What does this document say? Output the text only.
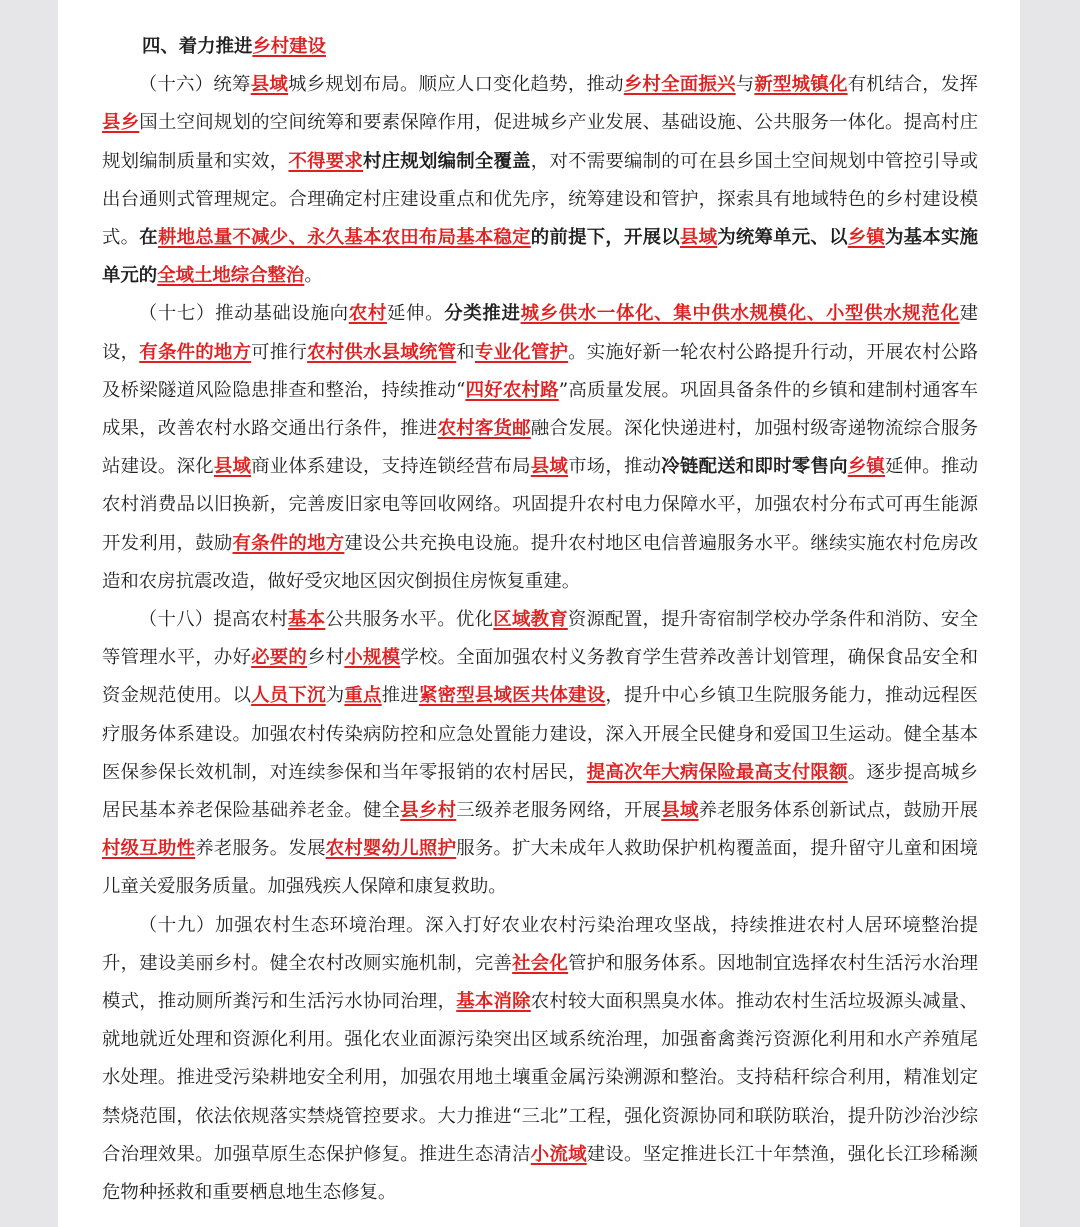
四、着力推进乡村建设

（十六）统筹县域城乡规划布局。顺应人口变化趋势，推动乡村全面振兴与新型城镇化有机结合，发挥县乡国土空间规划的空间统筹和要素保障作用，促进城乡产业发展、基础设施、公共服务一体化。提高村庄规划编制质量和实效，不得要求村庄规划编制全覆盖，对不需要编制的可在县乡国土空间规划中管控引导或出台通则式管理规定。合理确定村庄建设重点和优先序，统筹建设和管护，探索具有地域特色的乡村建设模式。在耕地总量不减少、永久基本农田布局基本稳定的前提下，开展以县域为统筹单元、以乡镇为基本实施单元的全域土地综合整治。

（十七）推动基础设施向农村延伸。分类推进城乡供水一体化、集中供水规模化、小型供水规范化建设，有条件的地方可推行农村供水县域统管和专业化管护。实施好新一轮农村公路提升行动，开展农村公路及桥梁隧道风险隐患排查和整治，持续推动“四好农村路”高质量发展。巩固具备条件的乡镇和建制村通客车成果，改善农村水路交通出行条件，推进农村客货邮融合发展。深化快递进村，加强村级寄递物流综合服务站建设。深化县域商业体系建设，支持连锁经营布局县域市场，推动冷链配送和即时零售向乡镇延伸。推动农村消费品以旧换新，完善废旧家电等回收网络。巩固提升农村电力保障水平，加强农村分布式可再生能源开发利用，鼓励有条件的地方建设公共充换电设施。提升农村地区电信普遍服务水平。继续实施农村危房改造和农房抗震改造，做好受灾地区因灾倒损住房恢复重建。

（十八）提高农村基本公共服务水平。优化区域教育资源配置，提升寄宿制学校办学条件和消防、安全等管理水平，办好必要的乡村小规模学校。全面加强农村义务教育学生营养改善计划管理，确保食品安全和资金规范使用。以人员下沉为重点推进紧密型县域医共体建设，提升中心乡镇卫生院服务能力，推动远程医疗服务体系建设。加强农村传染病防控和应急处置能力建设，深入开展全民健身和爱国卫生运动。健全基本医保参保长效机制，对连续参保和当年零报销的农村居民，提高次年大病保险最高支付限额。逐步提高城乡居民基本养老保险基础养老金。健全县乡村三级养老服务网络，开展县域养老服务体系创新试点，鼓励开展村级互助性养老服务。发展农村婴幼儿照护服务。扩大未成年人救助保护机构覆盖面，提升留守儿童和困境儿童关爱服务质量。加强残疾人保障和康复救助。

（十九）加强农村生态环境治理。深入打好农业农村污染治理攻坚战，持续推进农村人居环境整治提升，建设美丽乡村。健全农村改厕实施机制，完善社会化管护和服务体系。因地制宜选择农村生活污水治理模式，推动厕所粪污和生活污水协同治理，基本消除农村较大面积黑臭水体。推动农村生活垃圾源头减量、就地就近处理和资源化利用。强化农业面源污染突出区域系统治理，加强畜禽粪污资源化利用和水产养殖尾水处理。推进受污染耕地安全利用，加强农用地土壤重金属污染溯源和整治。支持秸秆综合利用，精准划定禁烧范围，依法依规落实禁烧管控要求。大力推进“三北”工程，强化资源协同和联防联治，提升防沙治沙综合治理效果。加强草原生态保护修复。推进生态清洁小流域建设。坚定推进长江十年禁渔，强化长江珍稀濒危物种拯救和重要栖息地生态修复。
